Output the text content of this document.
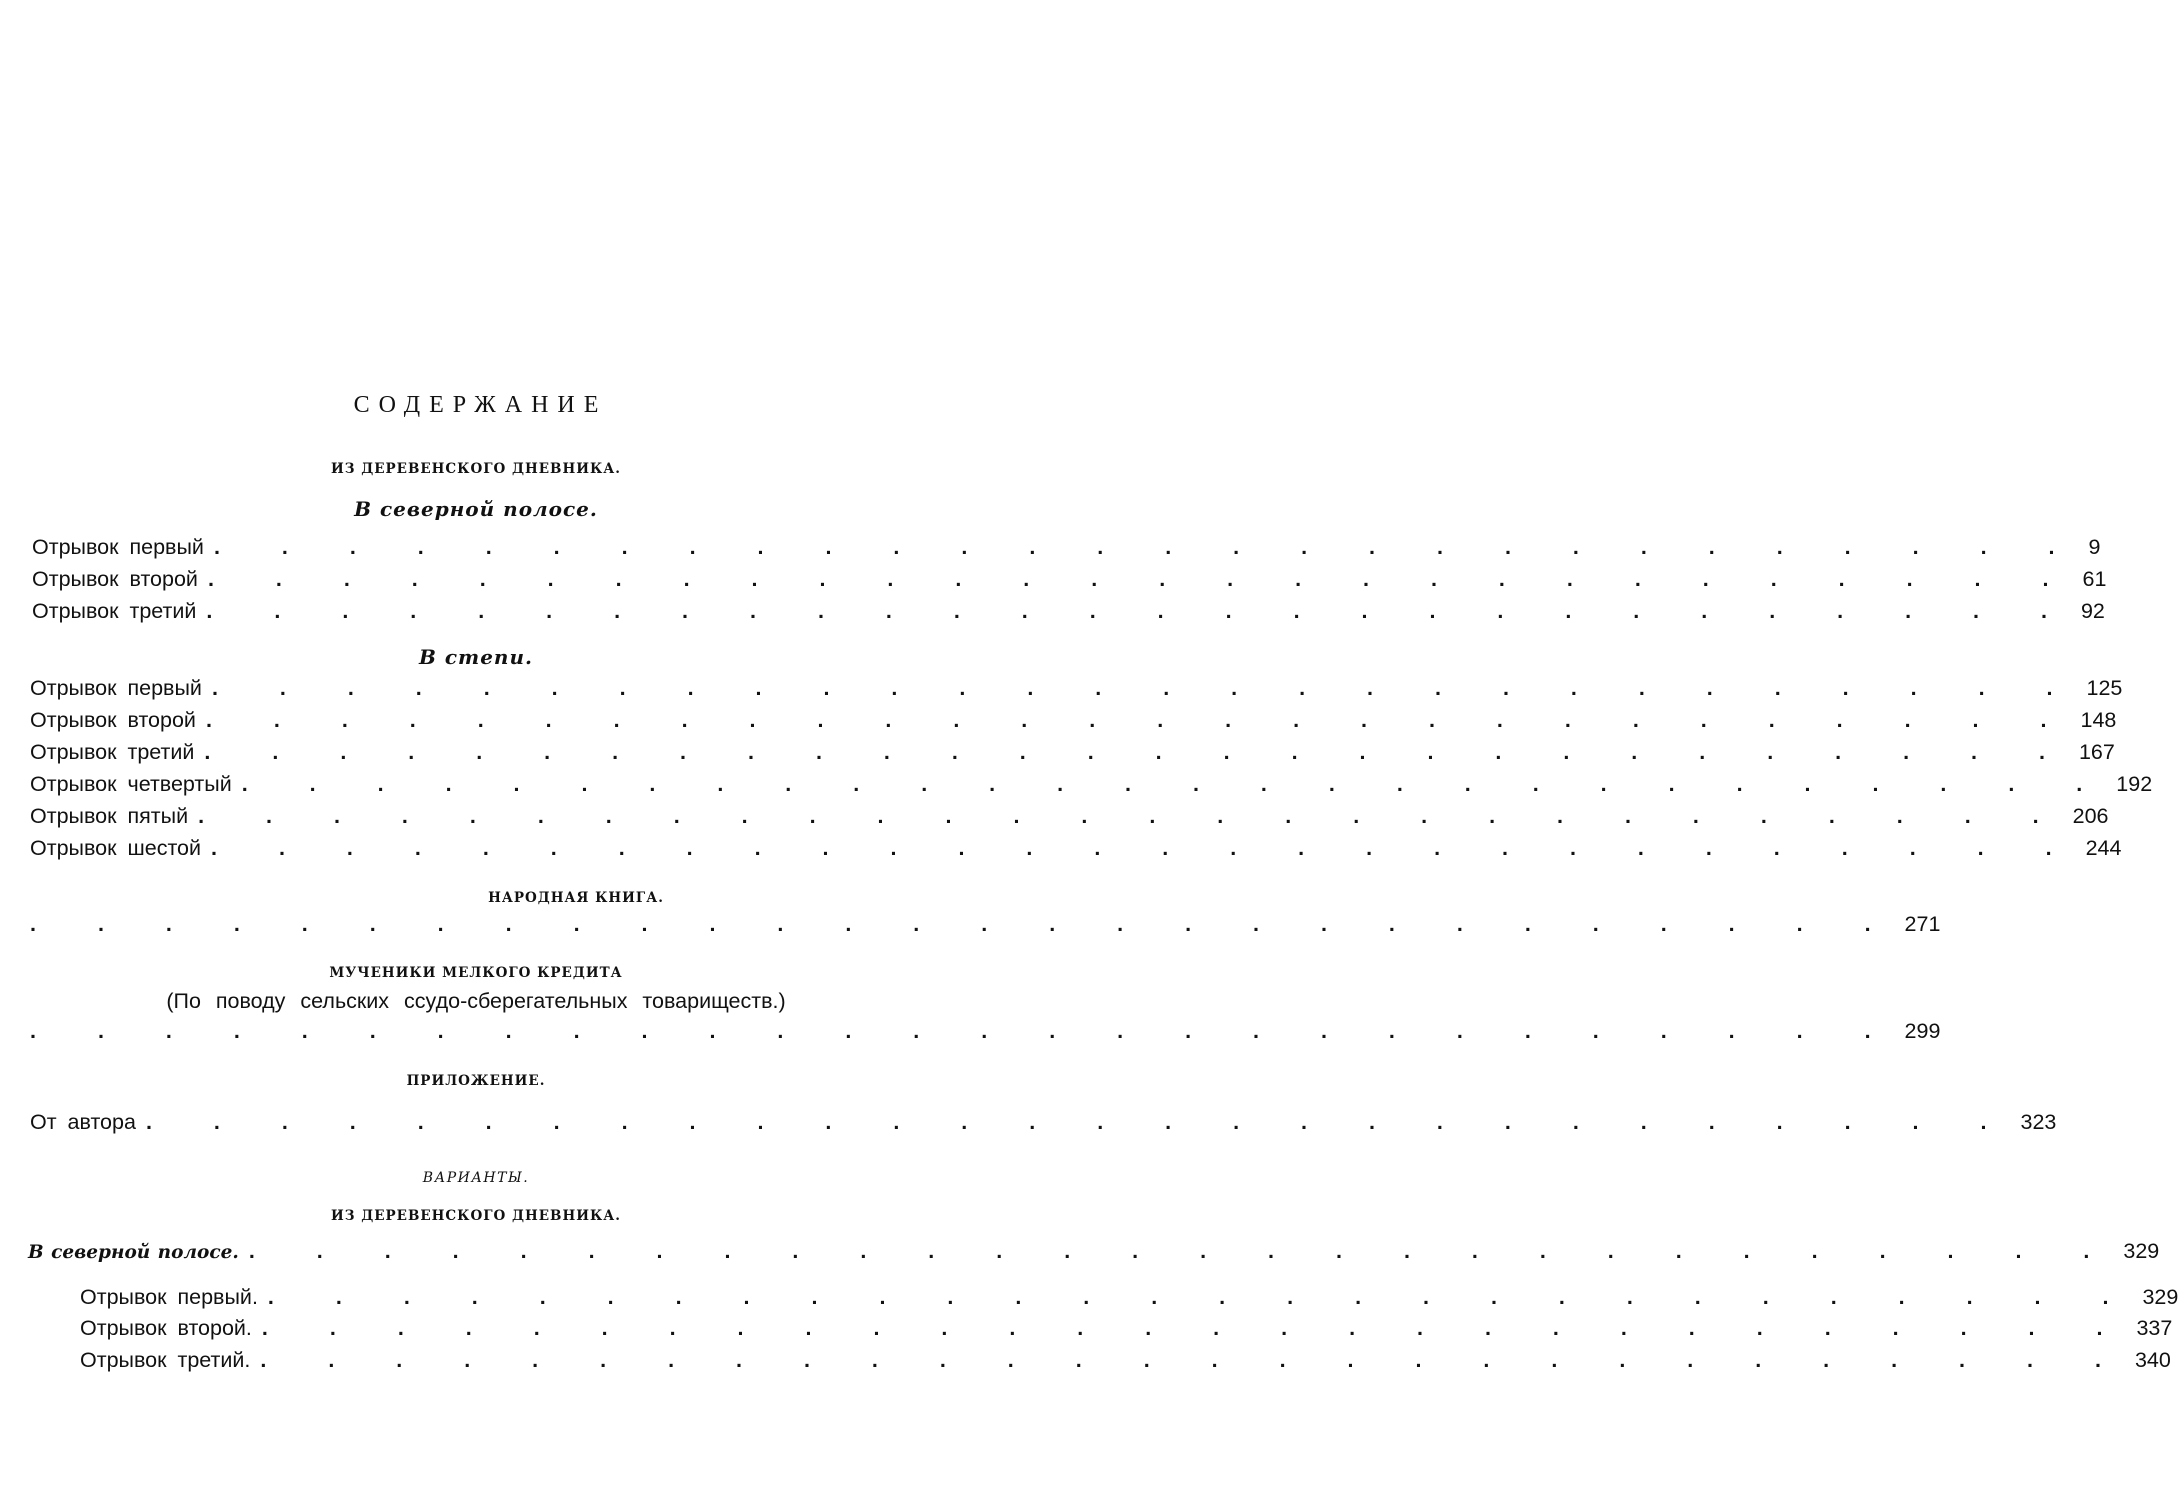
СОДЕРЖАНИЕ
ИЗ ДЕРЕВЕНСКОГО ДНЕВНИКА.
В северной полосе.
Отрывок первый . . . . . . . . . . . . . . . . . . . . . . . . . . . . 9
Отрывок второй . . . . . . . . . . . . . . . . . . . . . . . . . . . . 61
Отрывок третий . . . . . . . . . . . . . . . . . . . . . . . . . . . . 92
В степи.
Отрывок первый . . . . . . . . . . . . . . . . . . . . . . . . . . . . 125
Отрывок второй . . . . . . . . . . . . . . . . . . . . . . . . . . . . 148
Отрывок третий . . . . . . . . . . . . . . . . . . . . . . . . . . . . 167
Отрывок четвертый . . . . . . . . . . . . . . . . . . . . . . . . . . . . 192
Отрывок пятый . . . . . . . . . . . . . . . . . . . . . . . . . . . . 206
Отрывок шестой . . . . . . . . . . . . . . . . . . . . . . . . . . . . 244
НАРОДНАЯ КНИГА.
. . . . . . . . . . . . . . . . . . . . . . . . . . . . 271
МУЧЕНИКИ МЕЛКОГО КРЕДИТА
(По поводу сельских ссудо-сберегательных товариществ.)
. . . . . . . . . . . . . . . . . . . . . . . . . . . . 299
ПРИЛОЖЕНИЕ.
От автора . . . . . . . . . . . . . . . . . . . . . . . . . . . . 323
ВАРИАНТЫ.
ИЗ ДЕРЕВЕНСКОГО ДНЕВНИКА.
В северной полосе. . . . . . . . . . . . . . . . . . . . . . . . . . . . . 329
Отрывок первый. . . . . . . . . . . . . . . . . . . . . . . . . . . . . 329
Отрывок второй. . . . . . . . . . . . . . . . . . . . . . . . . . . . . 337
Отрывок третий. . . . . . . . . . . . . . . . . . . . . . . . . . . . . 340
